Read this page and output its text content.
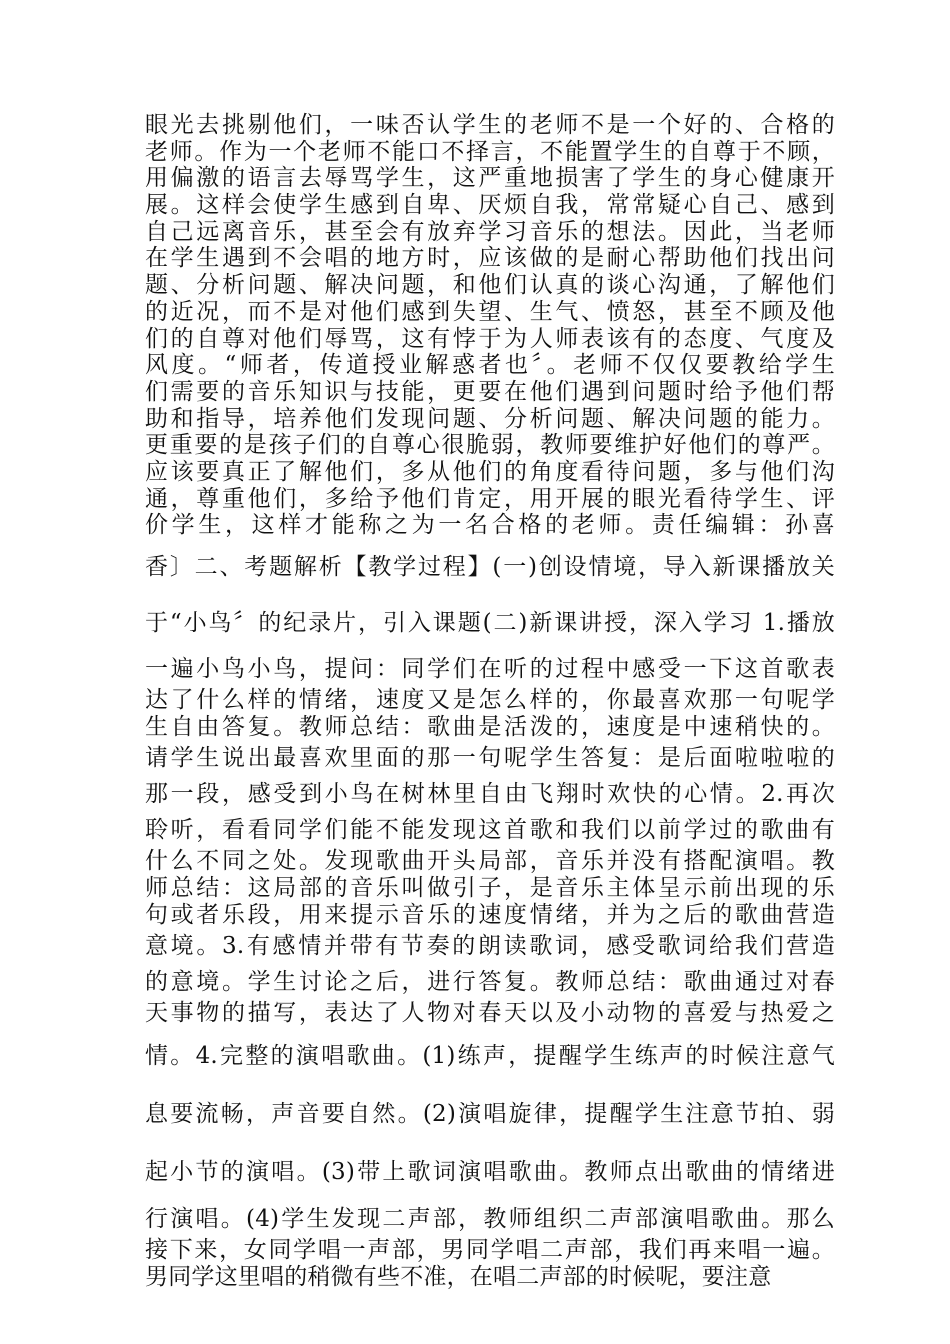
眼光去挑剔他们，一味否认学生的老师不是一个好的、合格的
老师。作为一个老师不能口不择言，不能置学生的自尊于不顾，
用偏激的语言去辱骂学生，这严重地损害了学生的身心健康开
展。这样会使学生感到自卑、厌烦自我，常常疑心自己、感到
自己远离音乐，甚至会有放弃学习音乐的想法。因此，当老师
在学生遇到不会唱的地方时，应该做的是耐心帮助他们找出问
题、分析问题、解决问题，和他们认真的谈心沟通，了解他们
的近况，而不是对他们感到失望、生气、愤怒，甚至不顾及他
们的自尊对他们辱骂，这有悖于为人师表该有的态度、气度及
风度。“师者，传道授业解惑者也〞。老师不仅仅要教给学生
们需要的音乐知识与技能，更要在他们遇到问题时给予他们帮
助和指导，培养他们发现问题、分析问题、解决问题的能力。
更重要的是孩子们的自尊心很脆弱，教师要维护好他们的尊严。
应该要真正了解他们，多从他们的角度看待问题，多与他们沟
通，尊重他们，多给予他们肯定，用开展的眼光看待学生、评
价学生，这样才能称之为一名合格的老师。责任编辑：孙喜
香〕二、考题解析【教学过程】(一)创设情境，导入新课播放关
于“小鸟〞的纪录片，引入课题(二)新课讲授，深入学习 1.播放
一遍小鸟小鸟，提问：同学们在听的过程中感受一下这首歌表
达了什么样的情绪，速度又是怎么样的，你最喜欢那一句呢学
生自由答复。教师总结：歌曲是活泼的，速度是中速稍快的。
请学生说出最喜欢里面的那一句呢学生答复：是后面啦啦啦的
那一段，感受到小鸟在树林里自由飞翔时欢快的心情。2.再次
聆听，看看同学们能不能发现这首歌和我们以前学过的歌曲有
什么不同之处。发现歌曲开头局部，音乐并没有搭配演唱。教
师总结：这局部的音乐叫做引子，是音乐主体呈示前出现的乐
句或者乐段，用来提示音乐的速度情绪，并为之后的歌曲营造
意境。3.有感情并带有节奏的朗读歌词，感受歌词给我们营造
的意境。学生讨论之后，进行答复。教师总结：歌曲通过对春
天事物的描写，表达了人物对春天以及小动物的喜爱与热爱之
情。4.完整的演唱歌曲。(1)练声，提醒学生练声的时候注意气
息要流畅，声音要自然。(2)演唱旋律，提醒学生注意节拍、弱
起小节的演唱。(3)带上歌词演唱歌曲。教师点出歌曲的情绪进
行演唱。(4)学生发现二声部，教师组织二声部演唱歌曲。那么
接下来，女同学唱一声部，男同学唱二声部，我们再来唱一遍。
男同学这里唱的稍微有些不准，在唱二声部的时候呢，要注意
